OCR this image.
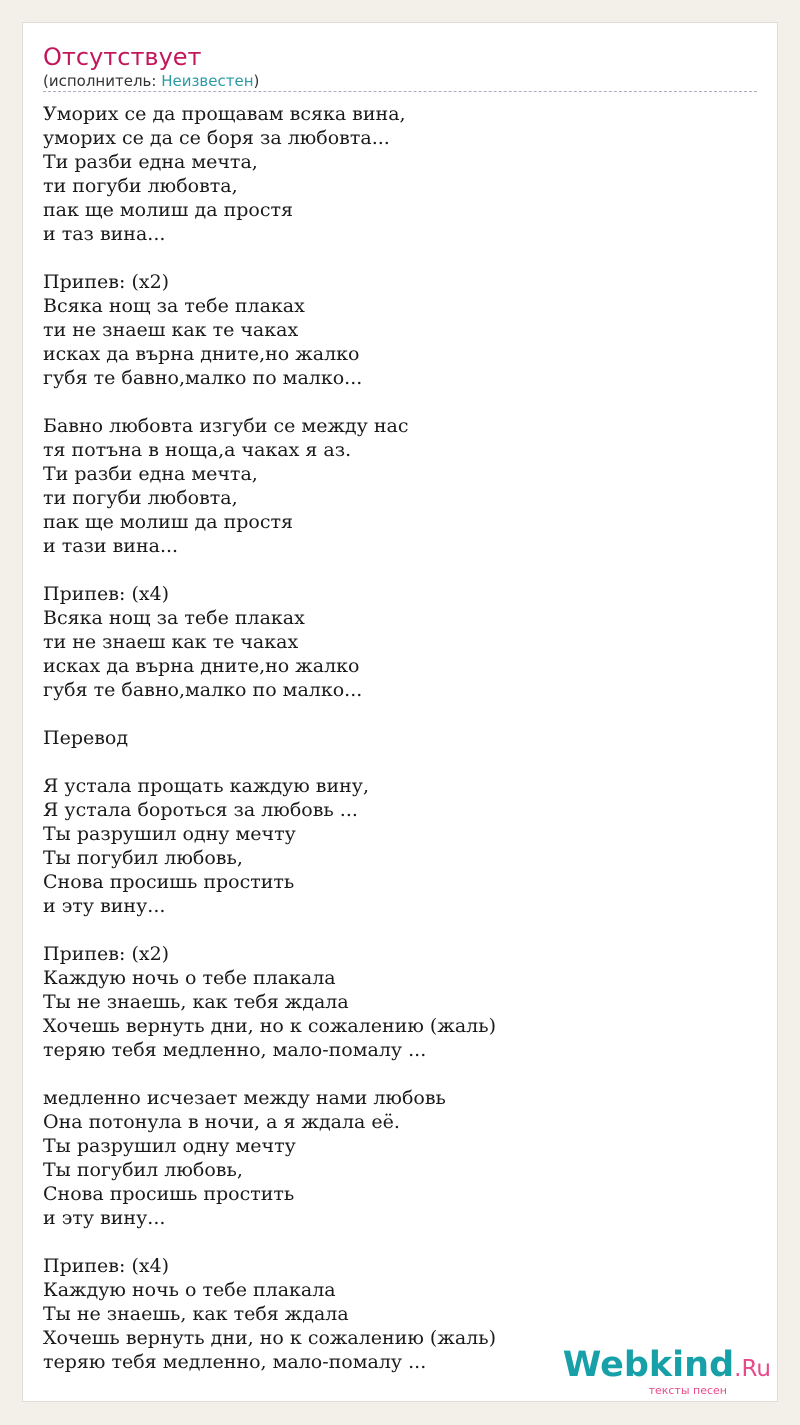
Отсутствует
(исполнитель: Неизвестен)
Уморих се да прощавам всяка вина,
уморих се да се боря за любовта...
Ти разби една мечта,
ти погуби любовта,
пак ще молиш да простя
и таз вина...
Припев: (x2)
Всяка нощ за тебе плаках
ти не знаеш как те чаках
исках да върна дните,но жалко
губя те бавно,малко по малко...
Бавно любовта изгуби се между нас
тя потъна в ноща,а чаках я аз.
Ти разби една мечта,
ти погуби любовта,
пак ще молиш да простя
и тази вина...
Припев: (x4)
Всяка нощ за тебе плаках
ти не знаеш как те чаках
исках да върна дните,но жалко
губя те бавно,малко по малко...
Перевод
Я устала прощать каждую вину,
Я устала бороться за любовь ...
Ты разрушил одну мечту
Ты погубил любовь,
Снова просишь простить
и эту вину...
Припев: (x2)
Каждую ночь о тебе плакала
Ты не знаешь, как тебя ждала
Хочешь вернуть дни, но к сожалению (жаль)
теряю тебя медленно, мало-помалу ...
медленно исчезает между нами любовь
Она потонула в ночи, а я ждала её.
Ты разрушил одну мечту
Ты погубил любовь,
Снова просишь простить
и эту вину...
Припев: (x4)
Каждую ночь о тебе плакала
Ты не знаешь, как тебя ждала
Хочешь вернуть дни, но к сожалению (жаль)
теряю тебя медленно, мало-помалу ...	Webkind.Ru
тексты песен
